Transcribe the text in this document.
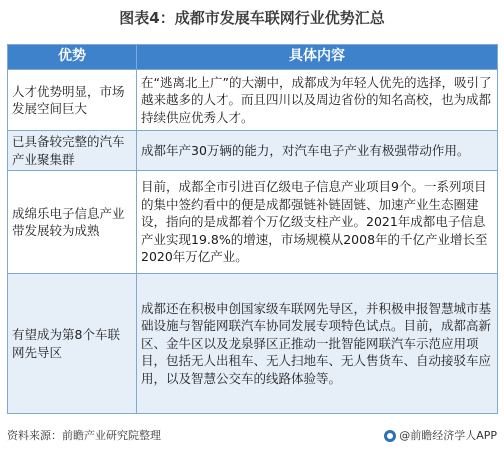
图表4：成都市发展车联网行业优势汇总
优势	具体内容
人才优势明显，市场发展空间巨大	在“逃离北上广”的大潮中，成都成为年轻人优先的选择，吸引了越来越多的人才。而且四川以及周边省份的知名高校，也为成都持续供应优秀人才。
已具备较完整的汽车产业聚集群	成都年产30万辆的能力，对汽车电子产业有极强带动作用。
成绵乐电子信息产业带发展较为成熟	目前，成都全市引进百亿级电子信息产业项目9个。一系列项目的集中签约看中的便是成都强链补链固链、加速产业生态圈建设，指向的是成都着个万亿级支柱产业。2021年成都电子信息产业实现19.8%的增速，市场规模从2008年的千亿产业增长至2020年万亿产业。
有望成为第8个车联网先导区	成都还在积极申创国家级车联网先导区，并积极申报智慧城市基础设施与智能网联汽车协同发展专项特色试点。目前，成都高新区、金牛区以及龙泉驿区正推动一批智能网联汽车示范应用项目，包括无人出租车、无人扫地车、无人售货车、自动接驳车应用，以及智慧公交车的线路体验等。
资料来源：前瞻产业研究院整理	@前瞻经济学人APP
